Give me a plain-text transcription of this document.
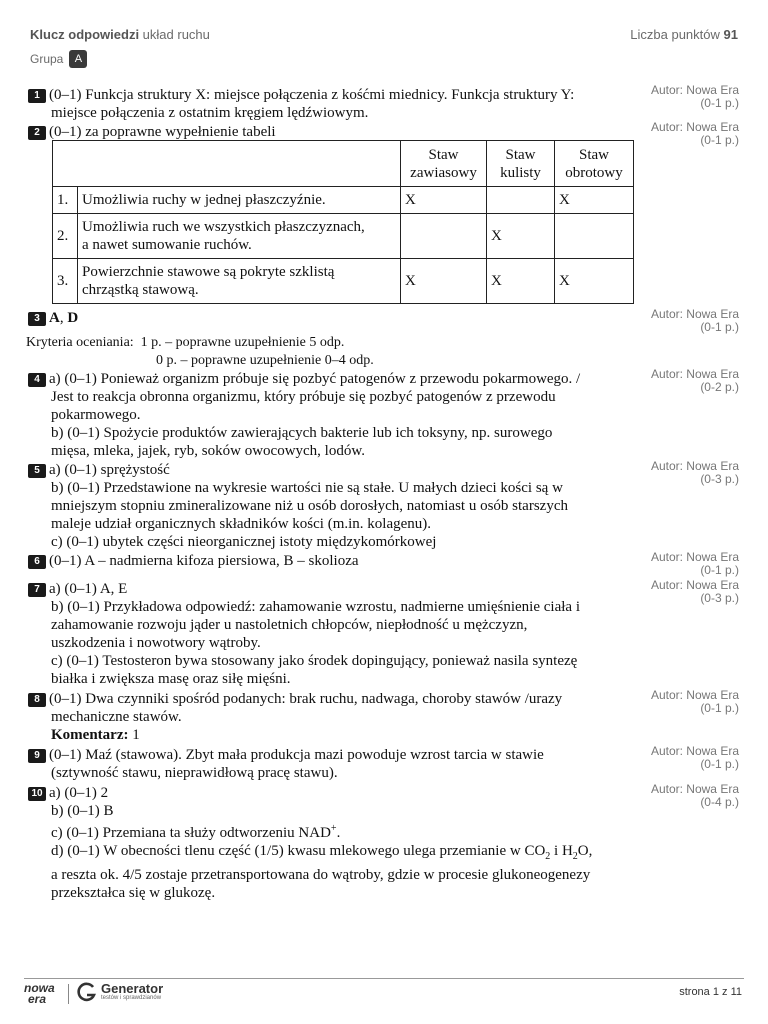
Klucz odpowiedzi układ ruchu	Liczba punktów 91
Grupa	A
1 (0–1) Funkcja struktury X: miejsce połączenia z kośćmi miednicy. Funkcja struktury Y:
miejsce połączenia z ostatnim kręgiem lędźwiowym.
Autor: Nowa Era
(0-1 p.)
2 (0–1) za poprawne wypełnienie tabeli	Autor: Nowa Era
(0-1 p.)
		Staw zawiasowy	Staw kulisty	Staw obrotowy
1.	Umożliwia ruchy w jednej płaszczyźnie.	X		X
2.	Umożliwia ruch we wszystkich płaszczyznach,
a nawet sumowanie ruchów.		X	
3.	Powierzchnie stawowe są pokryte szklistą
chrząstką stawową.	X	X	X
3 A, D	Autor: Nowa Era
(0-1 p.)
Kryteria oceniania: 1 p. – poprawne uzupełnienie 5 odp.
0 p. – poprawne uzupełnienie 0–4 odp.
4 a) (0–1) Ponieważ organizm próbuje się pozbyć patogenów z przewodu pokarmowego. /
Jest to reakcja obronna organizmu, który próbuje się pozbyć patogenów z przewodu
pokarmowego.
b) (0–1) Spożycie produktów zawierających bakterie lub ich toksyny, np. surowego
mięsa, mleka, jajek, ryb, soków owocowych, lodów.
Autor: Nowa Era
(0-2 p.)
5 a) (0–1) sprężystość
b) (0–1) Przedstawione na wykresie wartości nie są stałe. U małych dzieci kości są w
mniejszym stopniu zmineralizowane niż u osób dorosłych, natomiast u osób starszych
maleje udział organicznych składników kości (m.in. kolagenu).
c) (0–1) ubytek części nieorganicznej istoty międzykomórkowej
Autor: Nowa Era
(0-3 p.)
6 (0–1) A – nadmierna kifoza piersiowa, B – skolioza	Autor: Nowa Era
(0-1 p.)
7 a) (0–1) A, E
b) (0–1) Przykładowa odpowiedź: zahamowanie wzrostu, nadmierne umięśnienie ciała i
zahamowanie rozwoju jąder u nastoletnich chłopców, niepłodność u mężczyzn,
uszkodzenia i nowotwory wątroby.
c) (0–1) Testosteron bywa stosowany jako środek dopingujący, ponieważ nasila syntezę
białka i zwiększa masę oraz siłę mięśni.
Autor: Nowa Era
(0-3 p.)
8 (0–1) Dwa czynniki spośród podanych: brak ruchu, nadwaga, choroby stawów /urazy
mechaniczne stawów.
Komentarz: 1
Autor: Nowa Era
(0-1 p.)
9 (0–1) Maź (stawowa). Zbyt mała produkcja mazi powoduje wzrost tarcia w stawie
(sztywność stawu, nieprawidłową pracę stawu).
Autor: Nowa Era
(0-1 p.)
10 a) (0–1) 2
b) (0–1) B
c) (0–1) Przemiana ta służy odtworzeniu NAD+.
d) (0–1) W obecności tlenu część (1/5) kwasu mlekowego ulega przemianie w $CO_2$ i $H_2O$,
a reszta ok. 4/5 zostaje przetransportowana do wątroby, gdzie w procesie glukoneogenezy
przekształca się w glukozę.
Autor: Nowa Era
(0-4 p.)
nowa
era
Generator
testów i sprawdzianów	strona 1 z 11
